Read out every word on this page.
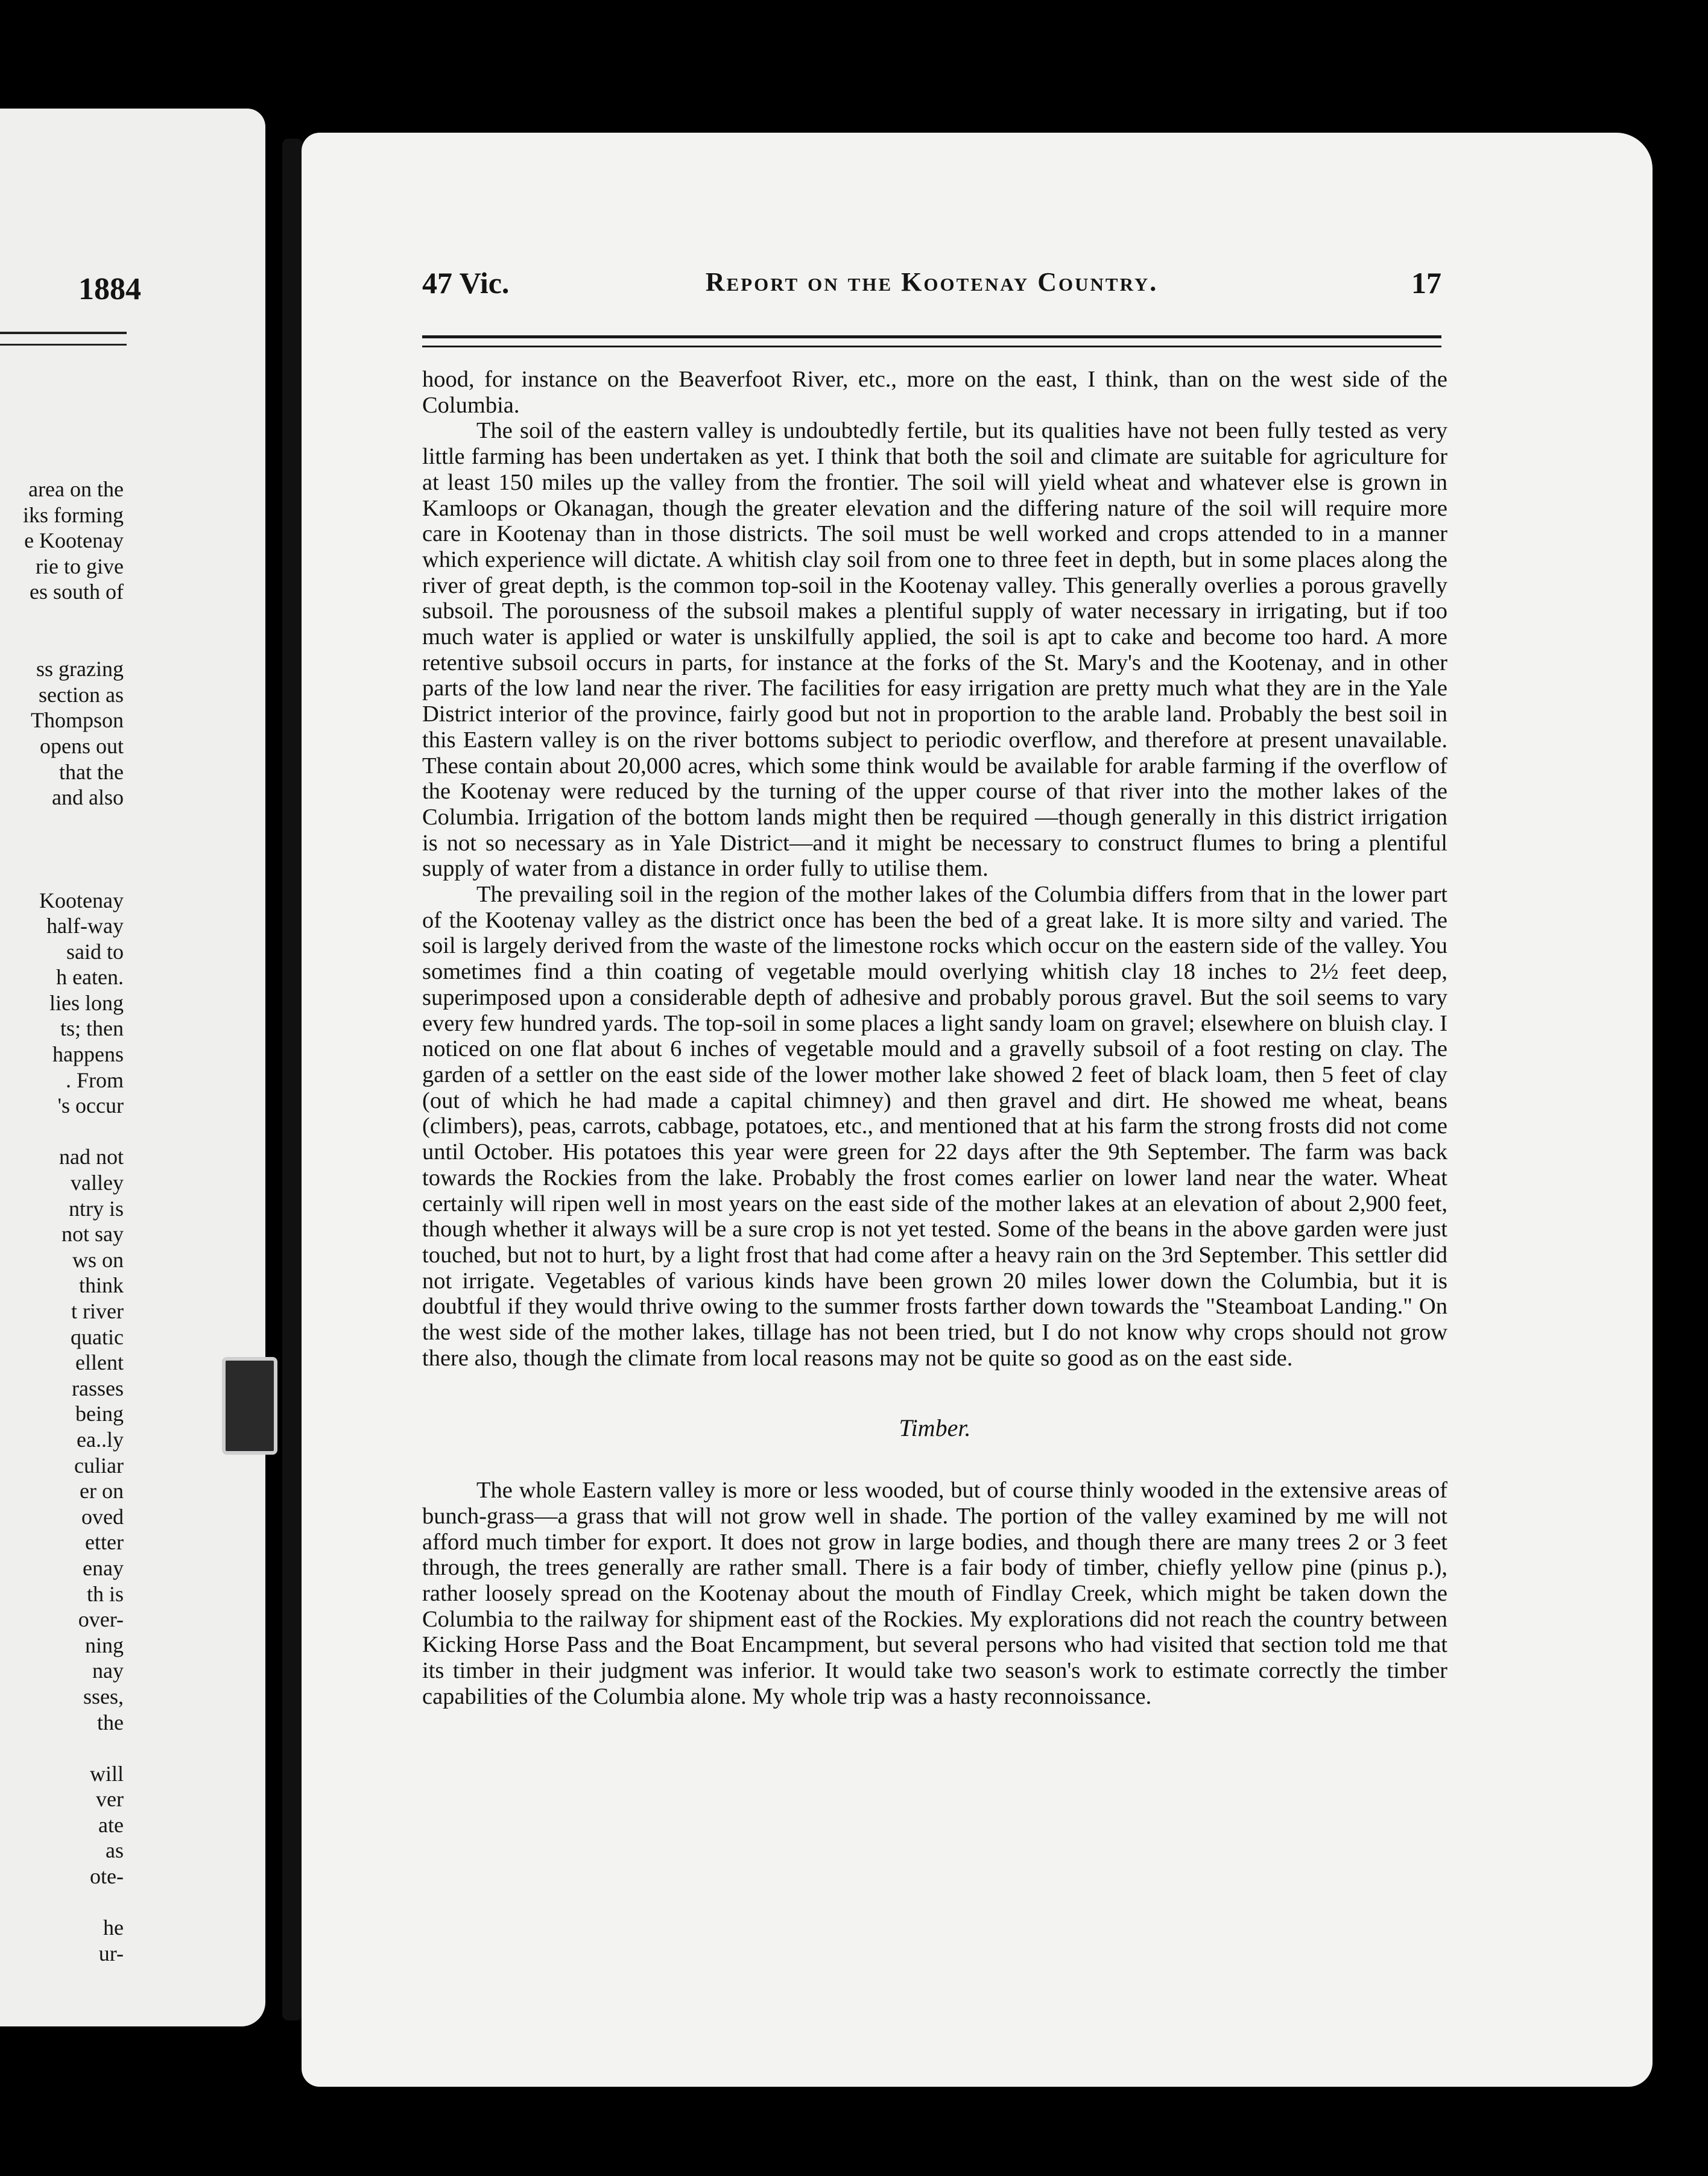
1884
area on the
iks forming
e Kootenay
rie to give
es south of
ss grazing
section as
Thompson
opens out
that the
and also
Kootenay
half-way
said to
h eaten.
lies long
ts; then
happens
. From
's occur
nad not
valley
ntry is
not say
ws on
think
t river
quatic
ellent
rasses
being
ea..ly
culiar
er on
oved
etter
enay
th is
over-
ning
nay
sses,
the
will
ver
ate
as
ote-
he
ur-
47 Vic.	Report on the Kootenay Country.	17

hood, for instance on the Beaverfoot River, etc., more on the east, I think, than on the west side of the Columbia.

The soil of the eastern valley is undoubtedly fertile, but its qualities have not been fully tested as very little farming has been undertaken as yet. I think that both the soil and climate are suitable for agriculture for at least 150 miles up the valley from the frontier. The soil will yield wheat and whatever else is grown in Kamloops or Okanagan, though the greater elevation and the differing nature of the soil will require more care in Kootenay than in those districts. The soil must be well worked and crops attended to in a manner which experience will dictate. A whitish clay soil from one to three feet in depth, but in some places along the river of great depth, is the common top-soil in the Kootenay valley. This generally overlies a porous gravelly subsoil. The porousness of the subsoil makes a plentiful supply of water necessary in irrigating, but if too much water is applied or water is unskilfully applied, the soil is apt to cake and become too hard. A more retentive subsoil occurs in parts, for instance at the forks of the St. Mary's and the Kootenay, and in other parts of the low land near the river. The facilities for easy irrigation are pretty much what they are in the Yale District interior of the province, fairly good but not in proportion to the arable land. Probably the best soil in this Eastern valley is on the river bottoms subject to periodic overflow, and therefore at present unavailable. These contain about 20,000 acres, which some think would be available for arable farming if the overflow of the Kootenay were reduced by the turning of the upper course of that river into the mother lakes of the Columbia. Irrigation of the bottom lands might then be required —though generally in this district irrigation is not so necessary as in Yale District—and it might be necessary to construct flumes to bring a plentiful supply of water from a distance in order fully to utilise them.

The prevailing soil in the region of the mother lakes of the Columbia differs from that in the lower part of the Kootenay valley as the district once has been the bed of a great lake. It is more silty and varied. The soil is largely derived from the waste of the limestone rocks which occur on the eastern side of the valley. You sometimes find a thin coating of vegetable mould overlying whitish clay 18 inches to 2½ feet deep, superimposed upon a considerable depth of adhesive and probably porous gravel. But the soil seems to vary every few hundred yards. The top-soil in some places a light sandy loam on gravel; elsewhere on bluish clay. I noticed on one flat about 6 inches of vegetable mould and a gravelly subsoil of a foot resting on clay. The garden of a settler on the east side of the lower mother lake showed 2 feet of black loam, then 5 feet of clay (out of which he had made a capital chimney) and then gravel and dirt. He showed me wheat, beans (climbers), peas, carrots, cabbage, potatoes, etc., and mentioned that at his farm the strong frosts did not come until October. His potatoes this year were green for 22 days after the 9th September. The farm was back towards the Rockies from the lake. Probably the frost comes earlier on lower land near the water. Wheat certainly will ripen well in most years on the east side of the mother lakes at an elevation of about 2,900 feet, though whether it always will be a sure crop is not yet tested. Some of the beans in the above garden were just touched, but not to hurt, by a light frost that had come after a heavy rain on the 3rd September. This settler did not irrigate. Vegetables of various kinds have been grown 20 miles lower down the Columbia, but it is doubtful if they would thrive owing to the summer frosts farther down towards the "Steamboat Landing." On the west side of the mother lakes, tillage has not been tried, but I do not know why crops should not grow there also, though the climate from local reasons may not be quite so good as on the east side.

Timber.

The whole Eastern valley is more or less wooded, but of course thinly wooded in the extensive areas of bunch-grass—a grass that will not grow well in shade. The portion of the valley examined by me will not afford much timber for export. It does not grow in large bodies, and though there are many trees 2 or 3 feet through, the trees generally are rather small. There is a fair body of timber, chiefly yellow pine (pinus p.), rather loosely spread on the Kootenay about the mouth of Findlay Creek, which might be taken down the Columbia to the railway for shipment east of the Rockies. My explorations did not reach the country between Kicking Horse Pass and the Boat Encampment, but several persons who had visited that section told me that its timber in their judgment was inferior. It would take two season's work to estimate correctly the timber capabilities of the Columbia alone. My whole trip was a hasty reconnoissance.
